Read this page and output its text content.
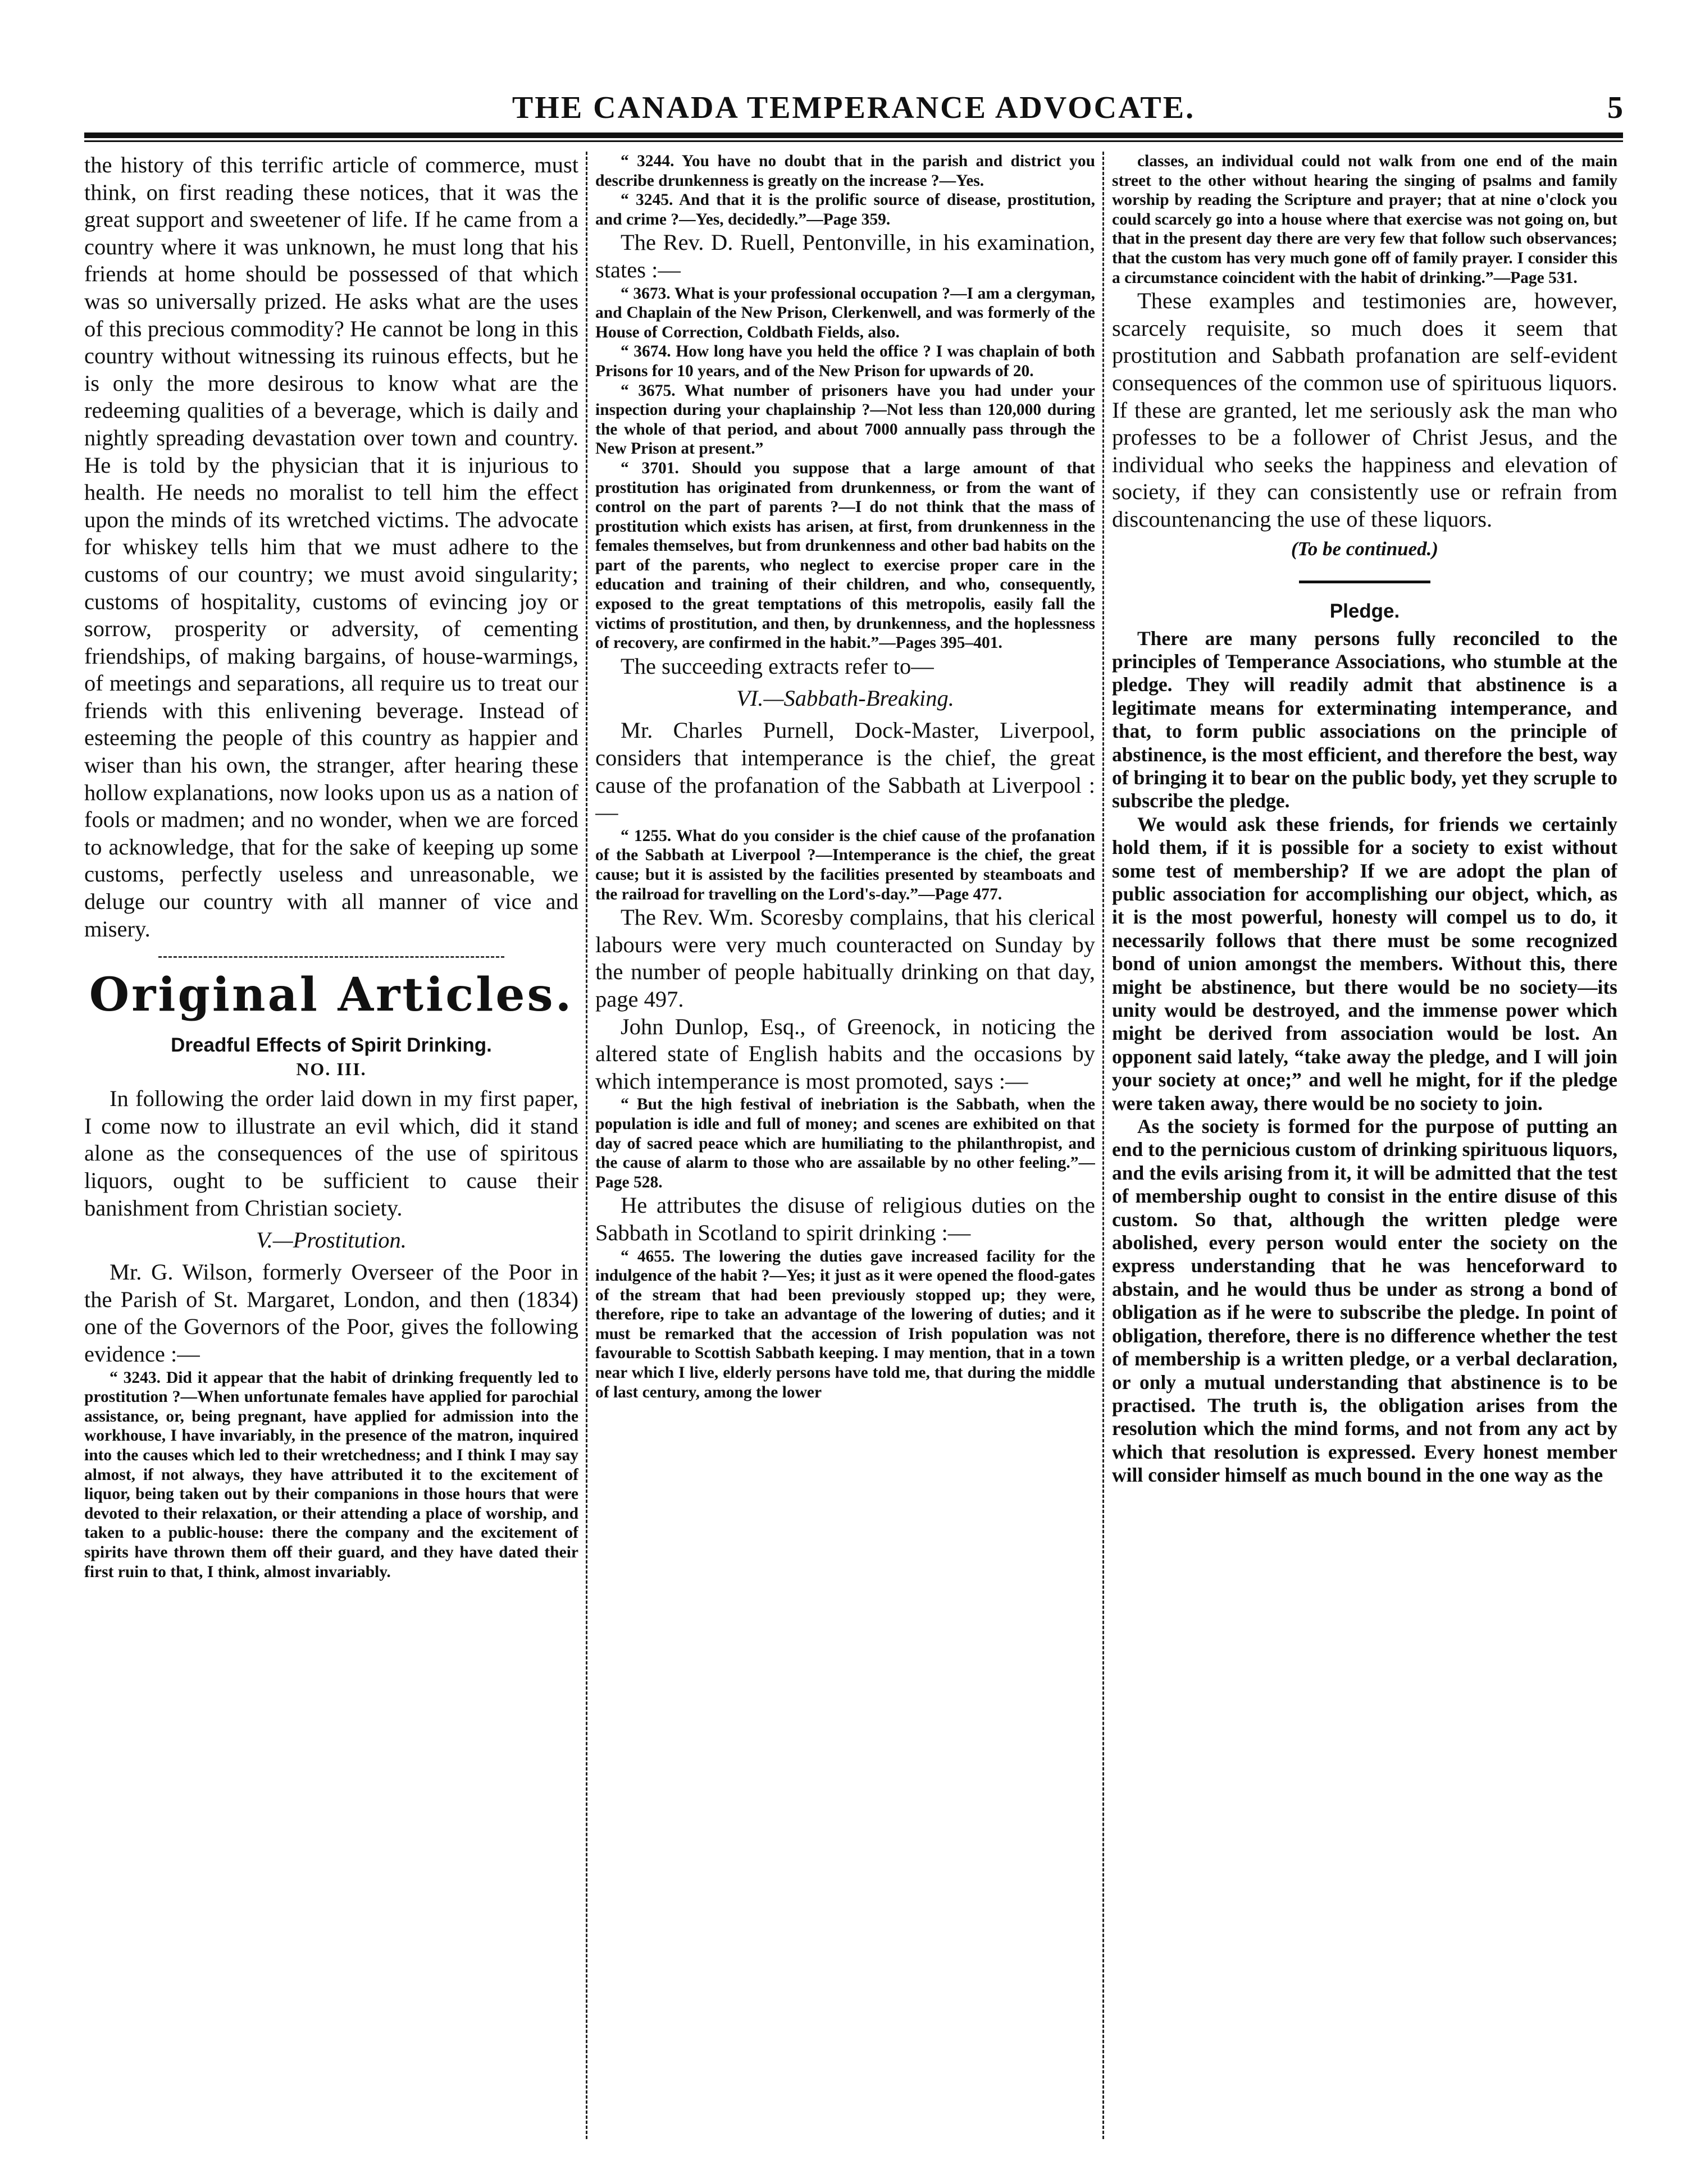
THE CANADA TEMPERANCE ADVOCATE.	5

the history of this terrific article of commerce, must think, on first reading these notices, that it was the great support and sweetener of life. If he came from a country where it was unknown, he must long that his friends at home should be possessed of that which was so universally prized. He asks what are the uses of this precious commodity? He cannot be long in this country without witnessing its ruinous effects, but he is only the more desirous to know what are the redeeming qualities of a beverage, which is daily and nightly spreading devastation over town and country. He is told by the physician that it is injurious to health. He needs no moralist to tell him the effect upon the minds of its wretched victims. The advocate for whiskey tells him that we must adhere to the customs of our country; we must avoid singularity; customs of hospitality, customs of evincing joy or sorrow, prosperity or adversity, of cementing friendships, of making bargains, of house-warmings, of meetings and separations, all require us to treat our friends with this enlivening beverage. Instead of esteeming the people of this country as happier and wiser than his own, the stranger, after hearing these hollow explanations, now looks upon us as a nation of fools or madmen; and no wonder, when we are forced to acknowledge, that for the sake of keeping up some customs, perfectly useless and unreasonable, we deluge our country with all manner of vice and misery.

Original Articles.
Dreadful Effects of Spirit Drinking.
NO. III.

In following the order laid down in my first paper, I come now to illustrate an evil which, did it stand alone as the consequences of the use of spiritous liquors, ought to be sufficient to cause their banishment from Christian society.

V.—Prostitution.

Mr. G. Wilson, formerly Overseer of the Poor in the Parish of St. Margaret, London, and then (1834) one of the Governors of the Poor, gives the following evidence :—

“ 3243. Did it appear that the habit of drinking frequently led to prostitution ?—When unfortunate females have applied for parochial assistance, or, being pregnant, have applied for admission into the workhouse, I have invariably, in the presence of the matron, inquired into the causes which led to their wretchedness; and I think I may say almost, if not always, they have attributed it to the excitement of liquor, being taken out by their companions in those hours that were devoted to their relaxation, or their attending a place of worship, and taken to a public-house: there the company and the excitement of spirits have thrown them off their guard, and they have dated their first ruin to that, I think, almost invariably.

“ 3244. You have no doubt that in the parish and district you describe drunkenness is greatly on the increase ?—Yes.

“ 3245. And that it is the prolific source of disease, prostitution, and crime ?—Yes, decidedly.”—Page 359.

The Rev. D. Ruell, Pentonville, in his examination, states :—

“ 3673. What is your professional occupation ?—I am a clergyman, and Chaplain of the New Prison, Clerkenwell, and was formerly of the House of Correction, Coldbath Fields, also.

“ 3674. How long have you held the office ? I was chaplain of both Prisons for 10 years, and of the New Prison for upwards of 20.

“ 3675. What number of prisoners have you had under your inspection during your chaplainship ?—Not less than 120,000 during the whole of that period, and about 7000 annually pass through the New Prison at present.”

“ 3701. Should you suppose that a large amount of that prostitution has originated from drunkenness, or from the want of control on the part of parents ?—I do not think that the mass of prostitution which exists has arisen, at first, from drunkenness in the females themselves, but from drunkenness and other bad habits on the part of the parents, who neglect to exercise proper care in the education and training of their children, and who, consequently, exposed to the great temptations of this metropolis, easily fall the victims of prostitution, and then, by drunkenness, and the hoplessness of recovery, are confirmed in the habit.”—Pages 395–401.

The succeeding extracts refer to—

VI.—Sabbath-Breaking.

Mr. Charles Purnell, Dock-Master, Liverpool, considers that intemperance is the chief, the great cause of the profanation of the Sabbath at Liverpool :—

“ 1255. What do you consider is the chief cause of the profanation of the Sabbath at Liverpool ?—Intemperance is the chief, the great cause; but it is assisted by the facilities presented by steamboats and the railroad for travelling on the Lord's-day.”—Page 477.

The Rev. Wm. Scoresby complains, that his clerical labours were very much counteracted on Sunday by the number of people habitually drinking on that day, page 497.

John Dunlop, Esq., of Greenock, in noticing the altered state of English habits and the occasions by which intemperance is most promoted, says :—

“ But the high festival of inebriation is the Sabbath, when the population is idle and full of money; and scenes are exhibited on that day of sacred peace which are humiliating to the philanthropist, and the cause of alarm to those who are assailable by no other feeling.”—Page 528.

He attributes the disuse of religious duties on the Sabbath in Scotland to spirit drinking :—

“ 4655. The lowering the duties gave increased facility for the indulgence of the habit ?—Yes; it just as it were opened the flood-gates of the stream that had been previously stopped up; they were, therefore, ripe to take an advantage of the lowering of duties; and it must be remarked that the accession of Irish population was not favourable to Scottish Sabbath keeping. I may mention, that in a town near which I live, elderly persons have told me, that during the middle of last century, among the lower

classes, an individual could not walk from one end of the main street to the other without hearing the singing of psalms and family worship by reading the Scripture and prayer; that at nine o'clock you could scarcely go into a house where that exercise was not going on, but that in the present day there are very few that follow such observances; that the custom has very much gone off of family prayer. I consider this a circumstance coincident with the habit of drinking.”—Page 531.

These examples and testimonies are, however, scarcely requisite, so much does it seem that prostitution and Sabbath profanation are self-evident consequences of the common use of spirituous liquors. If these are granted, let me seriously ask the man who professes to be a follower of Christ Jesus, and the individual who seeks the happiness and elevation of society, if they can consistently use or refrain from discountenancing the use of these liquors.

(To be continued.)
Pledge.

There are many persons fully reconciled to the principles of Temperance Associations, who stumble at the pledge. They will readily admit that abstinence is a legitimate means for exterminating intemperance, and that, to form public associations on the principle of abstinence, is the most efficient, and therefore the best, way of bringing it to bear on the public body, yet they scruple to subscribe the pledge.

We would ask these friends, for friends we certainly hold them, if it is possible for a society to exist without some test of membership? If we are adopt the plan of public association for accomplishing our object, which, as it is the most powerful, honesty will compel us to do, it necessarily follows that there must be some recognized bond of union amongst the members. Without this, there might be abstinence, but there would be no society—its unity would be destroyed, and the immense power which might be derived from association would be lost. An opponent said lately, “take away the pledge, and I will join your society at once;” and well he might, for if the pledge were taken away, there would be no society to join.

As the society is formed for the purpose of putting an end to the pernicious custom of drinking spirituous liquors, and the evils arising from it, it will be admitted that the test of membership ought to consist in the entire disuse of this custom. So that, although the written pledge were abolished, every person would enter the society on the express understanding that he was henceforward to abstain, and he would thus be under as strong a bond of obligation as if he were to subscribe the pledge. In point of obligation, therefore, there is no difference whether the test of membership is a written pledge, or a verbal declaration, or only a mutual understanding that abstinence is to be practised. The truth is, the obligation arises from the resolution which the mind forms, and not from any act by which that resolution is expressed. Every honest member will consider himself as much bound in the one way as the
